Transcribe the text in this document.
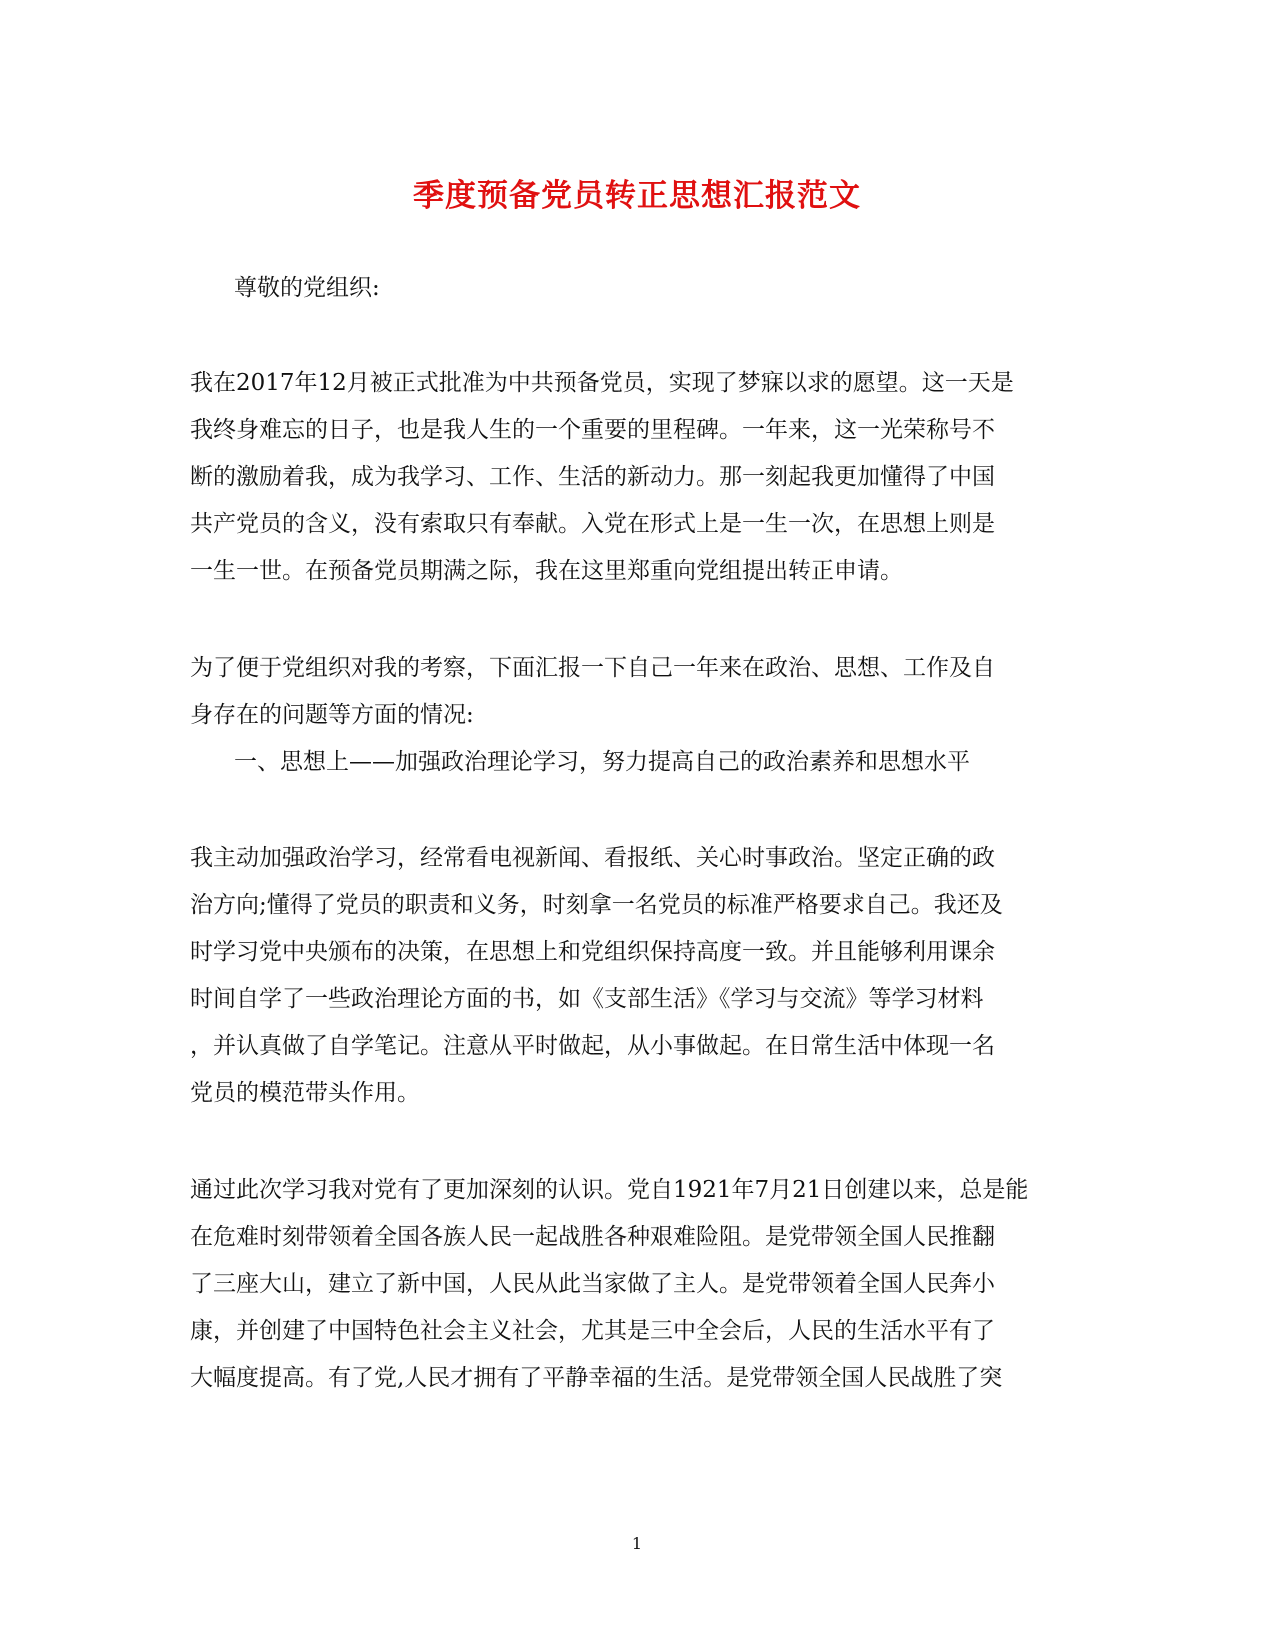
季度预备党员转正思想汇报范文
尊敬的党组织:
我在2017年12月被正式批准为中共预备党员，实现了梦寐以求的愿望。这一天是
我终身难忘的日子，也是我人生的一个重要的里程碑。一年来，这一光荣称号不
断的激励着我，成为我学习、工作、生活的新动力。那一刻起我更加懂得了中国
共产党员的含义，没有索取只有奉献。入党在形式上是一生一次，在思想上则是
一生一世。在预备党员期满之际，我在这里郑重向党组提出转正申请。
为了便于党组织对我的考察，下面汇报一下自己一年来在政治、思想、工作及自
身存在的问题等方面的情况:
一、思想上——加强政治理论学习，努力提高自己的政治素养和思想水平
我主动加强政治学习，经常看电视新闻、看报纸、关心时事政治。坚定正确的政
治方向;懂得了党员的职责和义务，时刻拿一名党员的标准严格要求自己。我还及
时学习党中央颁布的决策，在思想上和党组织保持高度一致。并且能够利用课余
时间自学了一些政治理论方面的书，如《支部生活》《学习与交流》等学习材料
，并认真做了自学笔记。注意从平时做起，从小事做起。在日常生活中体现一名
党员的模范带头作用。
通过此次学习我对党有了更加深刻的认识。党自1921年7月21日创建以来，总是能
在危难时刻带领着全国各族人民一起战胜各种艰难险阻。是党带领全国人民推翻
了三座大山，建立了新中国，人民从此当家做了主人。是党带领着全国人民奔小
康，并创建了中国特色社会主义社会，尤其是三中全会后，人民的生活水平有了
大幅度提高。有了党,人民才拥有了平静幸福的生活。是党带领全国人民战胜了突
1
